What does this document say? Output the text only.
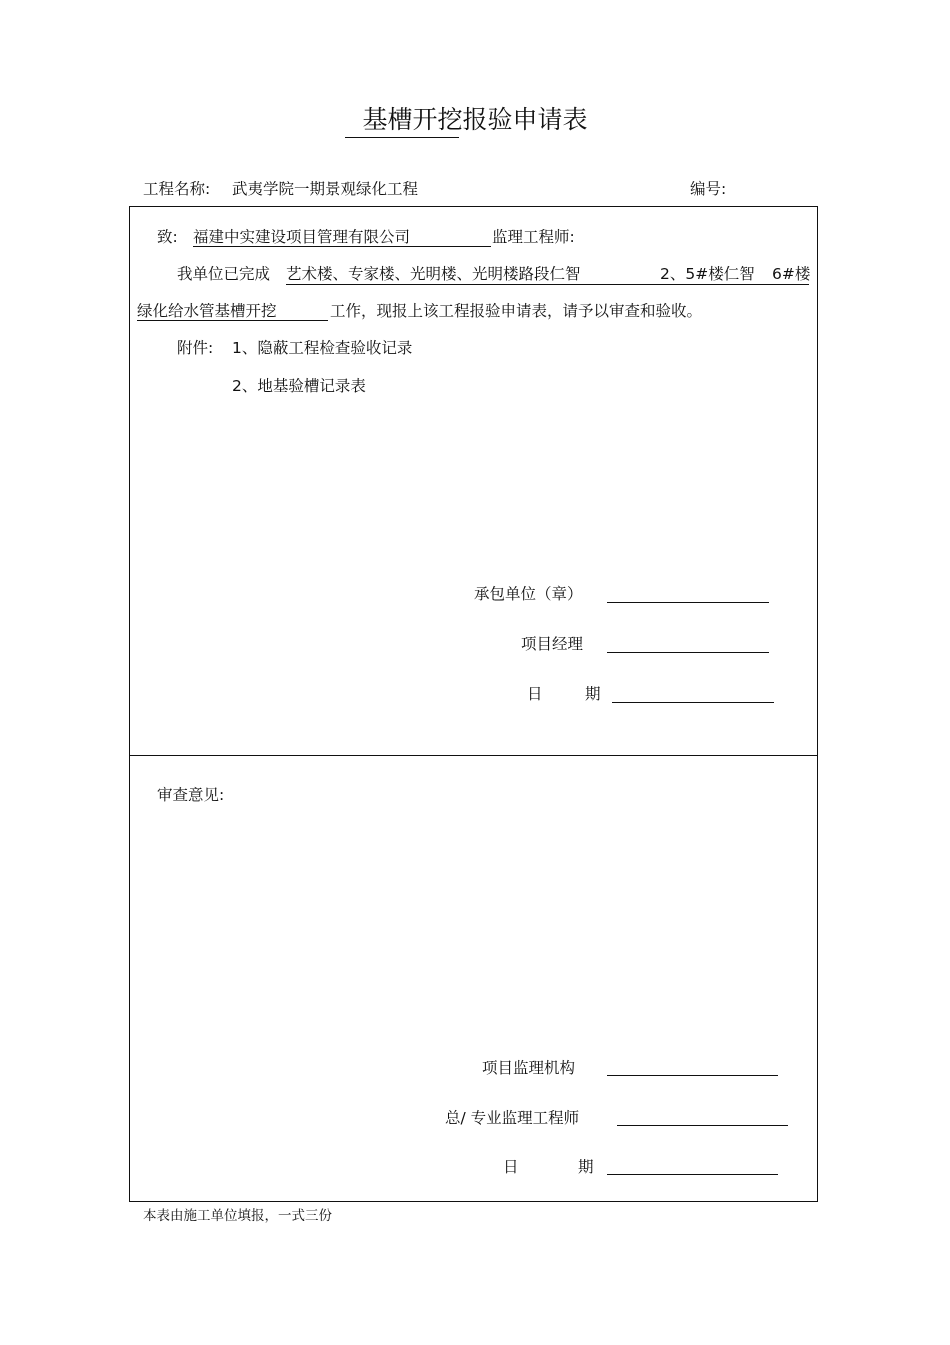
基槽开挖报验申请表
工程名称: 武夷学院一期景观绿化工程	编号:
致: 福建中实建设项目管理有限公司	监理工程师:
我单位已完成 艺术楼、专家楼、光明楼、光明楼路段仁智	2、5#楼仁智 6#楼
绿化给水管基槽开挖	工作，现报上该工程报验申请表，请予以审查和验收。
附件: 1、隐蔽工程检查验收记录
2、地基验槽记录表
承包单位（章）
项目经理
日	期
审查意见:
项目监理机构
总/ 专业监理工程师
日	期
本表由施工单位填报，一式三份
